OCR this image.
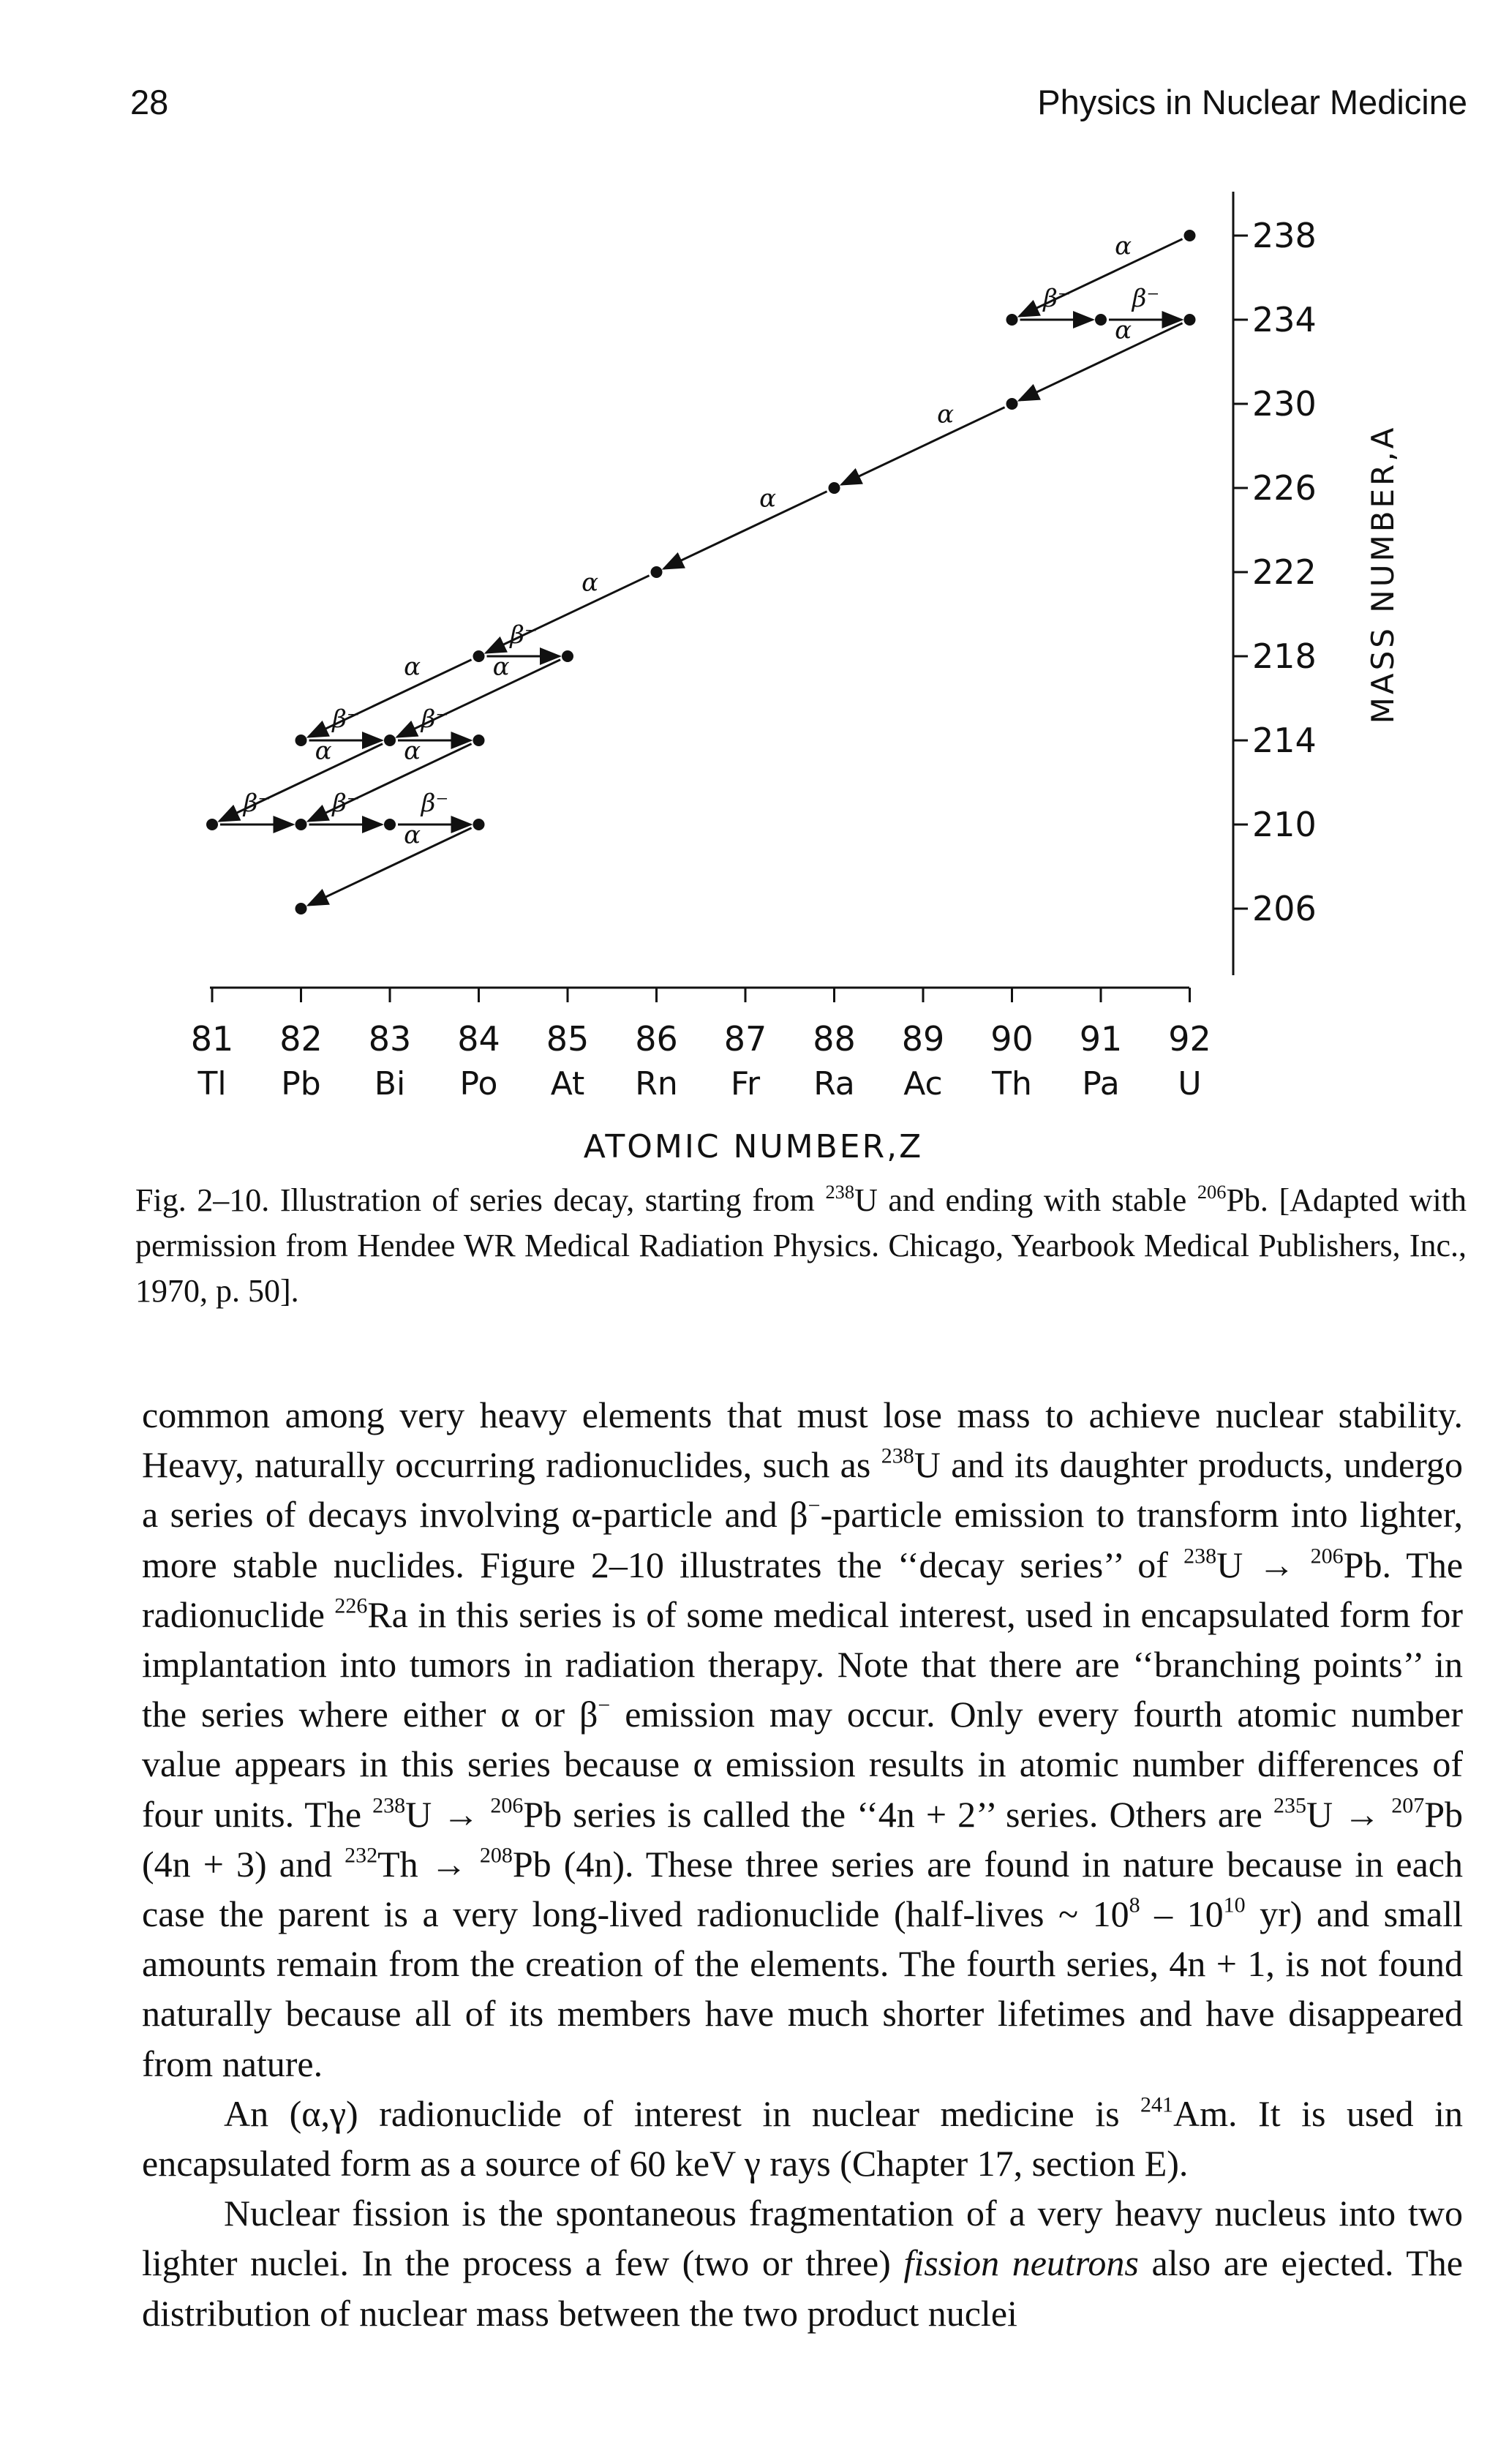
28	Physics in Nuclear Medicine
238
234
230
226
222
218
214
210
206
81
Tl
82
Pb
83
Bi
84
Po
85
At
86
Rn
87
Fr
88
Ra
89
Ac
90
Th
91
Pa
92
U
α
β⁻ β⁻
α
α
α
α
β⁻
α	α
β⁻ β⁻
α	α
β⁻ β⁻ β⁻
α
ATOMIC NUMBER,Z
MASS NUMBER,A
Fig. 2–10. Illustration of series decay, starting from $^{238}$U and ending with stable $^{206}$Pb. [Adapted with permission from Hendee WR Medical Radiation Physics. Chicago, Yearbook Medical Publishers, Inc., 1970, p. 50].

common among very heavy elements that must lose mass to achieve nuclear stability. Heavy, naturally occurring radionuclides, such as $^{238}$U and its daughter products, undergo a series of decays involving α-particle and β−-particle emission to transform into lighter, more stable nuclides. Figure 2–10 illustrates the ‘‘decay series’’ of $^{238}$U → $^{206}$Pb. The radionuclide $^{226}$Ra in this series is of some medical interest, used in encapsulated form for implantation into tumors in radiation therapy. Note that there are ‘‘branching points’’ in the series where either α or β− emission may occur. Only every fourth atomic number value appears in this series because α emission results in atomic number differences of four units. The $^{238}$U → $^{206}$Pb series is called the ‘‘4n + 2’’ series. Others are $^{235}$U → $^{207}$Pb (4n + 3) and $^{232}$Th → $^{208}$Pb (4n). These three series are found in nature because in each case the parent is a very long-lived radionuclide (half-lives ~ $10^8 - 10^{10}$ yr) and small amounts remain from the creation of the elements. The fourth series, 4n + 1, is not found naturally because all of its members have much shorter lifetimes and have disappeared from nature.

An (α,γ) radionuclide of interest in nuclear medicine is $^{241}$Am. It is used in encapsulated form as a source of 60 keV γ rays (Chapter 17, section E).

Nuclear fission is the spontaneous fragmentation of a very heavy nucleus into two lighter nuclei. In the process a few (two or three) fission neutrons also are ejected. The distribution of nuclear mass between the two product nuclei
